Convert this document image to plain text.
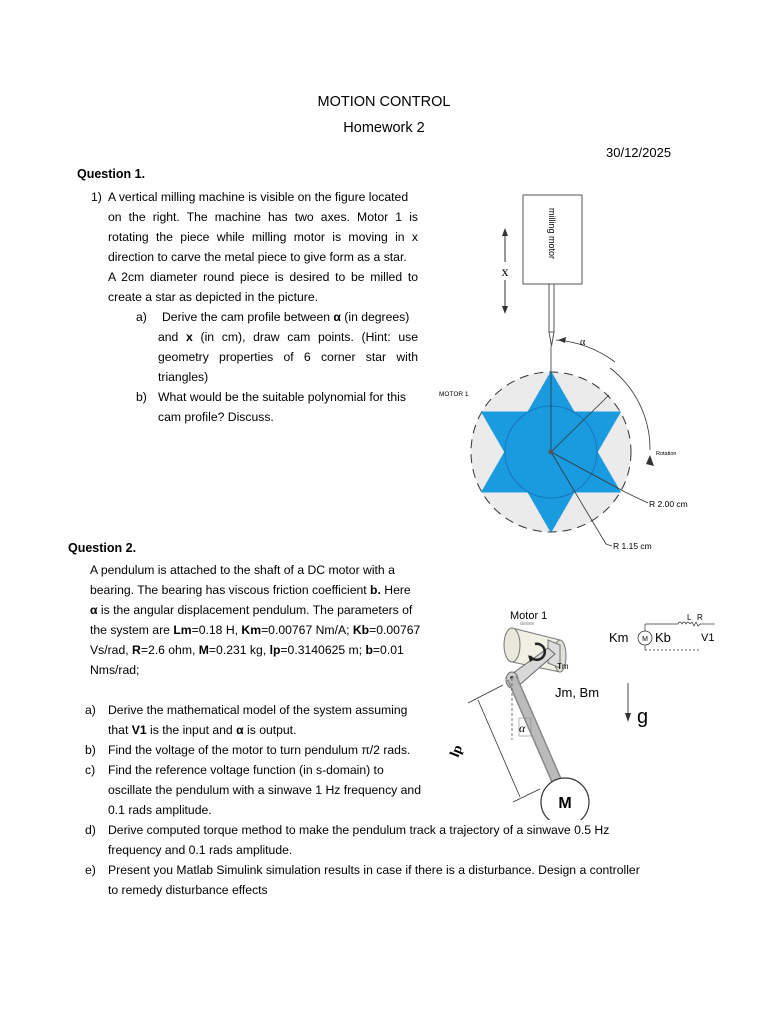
MOTION CONTROL

Homework 2

30/12/2025

Question 1.

1) A vertical milling machine is visible on the figure located

on the right. The machine has two axes. Motor 1 is

rotating the piece while milling motor is moving in x

direction to carve the metal piece to give form as a star.

A 2cm diameter round piece is desired to be milled to

create a star as depicted in the picture.

a) Derive the cam profile between α (in degrees)

and x (in cm), draw cam points. (Hint: use

geometry properties of 6 corner star with

triangles)

b) What would be the suitable polynomial for this

cam profile? Discuss.

milling motor
x
α
Rotation
MOTOR 1
R 2.00 cm
R 1.15 cm

Question 2.

A pendulum is attached to the shaft of a DC motor with a

bearing. The bearing has viscous friction coefficient b. Here

α is the angular displacement pendulum. The parameters of

the system are Lm=0.18 H, Km=0.00767 Nm/A; Kb=0.00767

Vs/rad, R=2.6 ohm, M=0.231 kg, lp=0.3140625 m; b=0.01

Nms/rad;

a) Derive the mathematical model of the system assuming

that V1 is the input and α is output.

b) Find the voltage of the motor to turn pendulum π/2 rads.

c) Find the reference voltage function (in s-domain) to

oscillate the pendulum with a sinwave 1 Hz frequency and

0.1 rads amplitude.

d) Derive computed torque method to make the pendulum track a trajectory of a sinwave 0.5 Hz

frequency and 0.1 rads amplitude.

e) Present you Matlab Simulink simulation results in case if there is a disturbance. Design a controller

to remedy disturbance effects

Tm
α
lp
M
Motor 1
Jm, Bm
g
Km M Kb
L R
V1
